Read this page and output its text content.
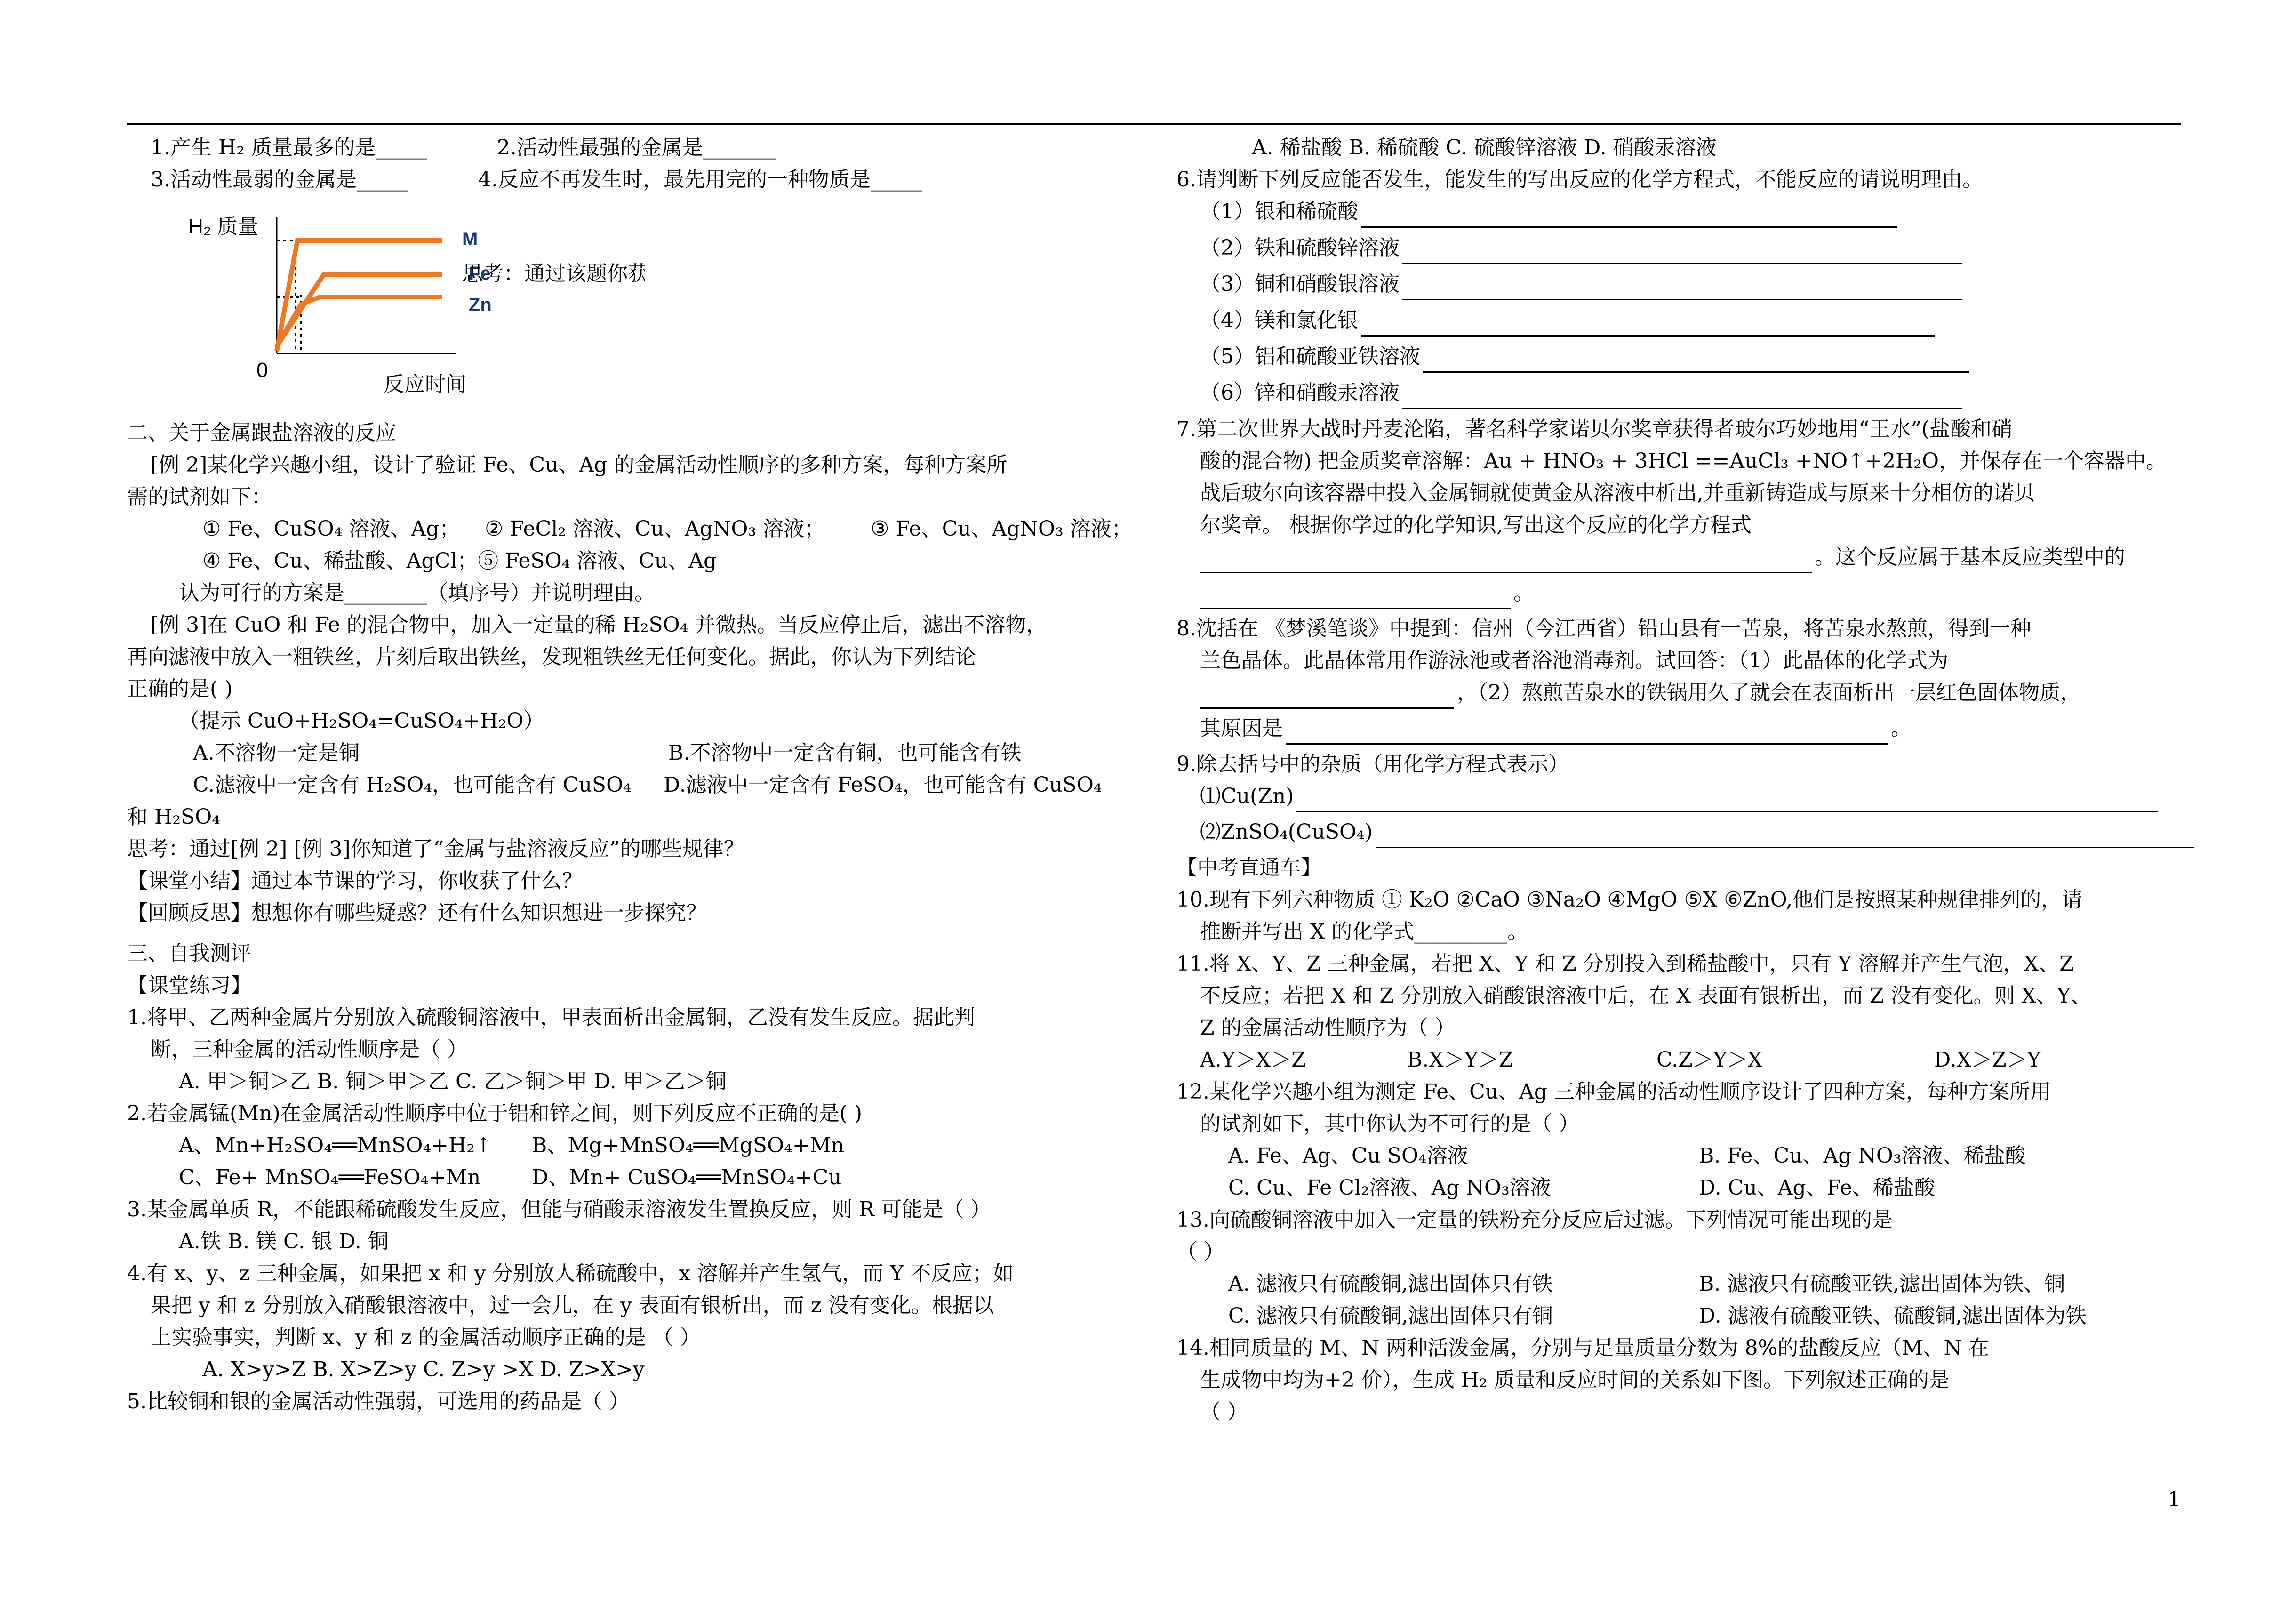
1.产生 H₂ 质量最多的是_____	2.活动性最强的金属是_______
3.活动性最弱的金属是_____	4.反应不再发生时，最先用完的一种物质是_____
M
Fe
Zn
H₂ 质量
0
反应时间
思考：通过该题你获
二、关于金属跟盐溶液的反应
[例 2]某化学兴趣小组，设计了验证 Fe、Cu、Ag 的金属活动性顺序的多种方案，每种方案所
需的试剂如下：
① Fe、CuSO₄ 溶液、Ag；	② FeCl₂ 溶液、Cu、AgNO₃ 溶液；	③ Fe、Cu、AgNO₃ 溶液；
④ Fe、Cu、稀盐酸、AgCl；⑤ FeSO₄ 溶液、Cu、Ag
认为可行的方案是________（填序号）并说明理由。
[例 3]在 CuO 和 Fe 的混合物中，加入一定量的稀 H₂SO₄ 并微热。当反应停止后，滤出不溶物，
再向滤液中放入一粗铁丝，片刻后取出铁丝，发现粗铁丝无任何变化。据此，你认为下列结论
正确的是( )
（提示 CuO+H₂SO₄=CuSO₄+H₂O）
A.不溶物一定是铜	B.不溶物中一定含有铜，也可能含有铁
C.滤液中一定含有 H₂SO₄，也可能含有 CuSO₄	D.滤液中一定含有 FeSO₄，也可能含有 CuSO₄
和 H₂SO₄
思考：通过[例 2] [例 3]你知道了“金属与盐溶液反应”的哪些规律？
【课堂小结】通过本节课的学习，你收获了什么？
【回顾反思】想想你有哪些疑惑？还有什么知识想进一步探究？
三、自我测评
【课堂练习】
1.将甲、乙两种金属片分别放入硫酸铜溶液中，甲表面析出金属铜，乙没有发生反应。据此判
断，三种金属的活动性顺序是（ ）
A. 甲＞铜＞乙 B. 铜＞甲＞乙 C. 乙＞铜＞甲 D. 甲＞乙＞铜
2.若金属锰(Mn)在金属活动性顺序中位于铝和锌之间，则下列反应不正确的是( )
A、Mn+H₂SO₄══MnSO₄+H₂↑	B、Mg+MnSO₄══MgSO₄+Mn
C、Fe+ MnSO₄══FeSO₄+Mn	D、Mn+ CuSO₄══MnSO₄+Cu
3.某金属单质 R，不能跟稀硫酸发生反应，但能与硝酸汞溶液发生置换反应，则 R 可能是（ ）
A.铁 B. 镁 C. 银 D. 铜
4.有 x、y、z 三种金属，如果把 x 和 y 分别放人稀硫酸中，x 溶解并产生氢气，而 Y 不反应；如
果把 y 和 z 分别放入硝酸银溶液中，过一会儿，在 y 表面有银析出，而 z 没有变化。根据以
上实验事实，判断 x、y 和 z 的金属活动顺序正确的是 （ ）
A. X>y>Z B. X>Z>y C. Z>y >X D. Z>X>y
5.比较铜和银的金属活动性强弱，可选用的药品是（ ）
A. 稀盐酸 B. 稀硫酸 C. 硫酸锌溶液 D. 硝酸汞溶液
6.请判断下列反应能否发生，能发生的写出反应的化学方程式，不能反应的请说明理由。
（1）银和稀硫酸
（2）铁和硫酸锌溶液
（3）铜和硝酸银溶液
（4）镁和氯化银
（5）铝和硫酸亚铁溶液
（6）锌和硝酸汞溶液
7.第二次世界大战时丹麦沦陷，著名科学家诺贝尔奖章获得者玻尔巧妙地用“王水”(盐酸和硝
酸的混合物) 把金质奖章溶解：Au + HNO₃ + 3HCl ==AuCl₃ +NO↑+2H₂O，并保存在一个容器中。
战后玻尔向该容器中投入金属铜就使黄金从溶液中析出,并重新铸造成与原来十分相仿的诺贝
尔奖章。 根据你学过的化学知识,写出这个反应的化学方程式
。这个反应属于基本反应类型中的
。
8.沈括在 《梦溪笔谈》中提到：信州（今江西省）铅山县有一苦泉，将苦泉水熬煎，得到一种
兰色晶体。此晶体常用作游泳池或者浴池消毒剂。试回答：（1）此晶体的化学式为
，（2）熬煎苦泉水的铁锅用久了就会在表面析出一层红色固体物质，
其原因是	。
9.除去括号中的杂质（用化学方程式表示）
⑴Cu(Zn)
⑵ZnSO₄(CuSO₄)
【中考直通车】
10.现有下列六种物质 ① K₂O ②CaO ③Na₂O ④MgO ⑤X ⑥ZnO,他们是按照某种规律排列的，请
推断并写出 X 的化学式_________。
11.将 X、Y、Z 三种金属，若把 X、Y 和 Z 分别投入到稀盐酸中，只有 Y 溶解并产生气泡，X、Z
不反应；若把 X 和 Z 分别放入硝酸银溶液中后，在 X 表面有银析出，而 Z 没有变化。则 X、Y、
Z 的金属活动性顺序为（ ）
A.Y＞X＞Z	B.X＞Y＞Z	C.Z＞Y＞X	D.X＞Z＞Y
12.某化学兴趣小组为测定 Fe、Cu、Ag 三种金属的活动性顺序设计了四种方案，每种方案所用
的试剂如下，其中你认为不可行的是（ ）
A. Fe、Ag、Cu SO₄溶液	B. Fe、Cu、Ag NO₃溶液、稀盐酸
C. Cu、Fe Cl₂溶液、Ag NO₃溶液	D. Cu、Ag、Fe、稀盐酸
13.向硫酸铜溶液中加入一定量的铁粉充分反应后过滤。下列情况可能出现的是
（ ）
A. 滤液只有硫酸铜,滤出固体只有铁	B. 滤液只有硫酸亚铁,滤出固体为铁、铜
C. 滤液只有硫酸铜,滤出固体只有铜	D. 滤液有硫酸亚铁、硫酸铜,滤出固体为铁
14.相同质量的 M、N 两种活泼金属，分别与足量质量分数为 8%的盐酸反应（M、N 在
生成物中均为+2 价），生成 H₂ 质量和反应时间的关系如下图。下列叙述正确的是
（ ）
1
